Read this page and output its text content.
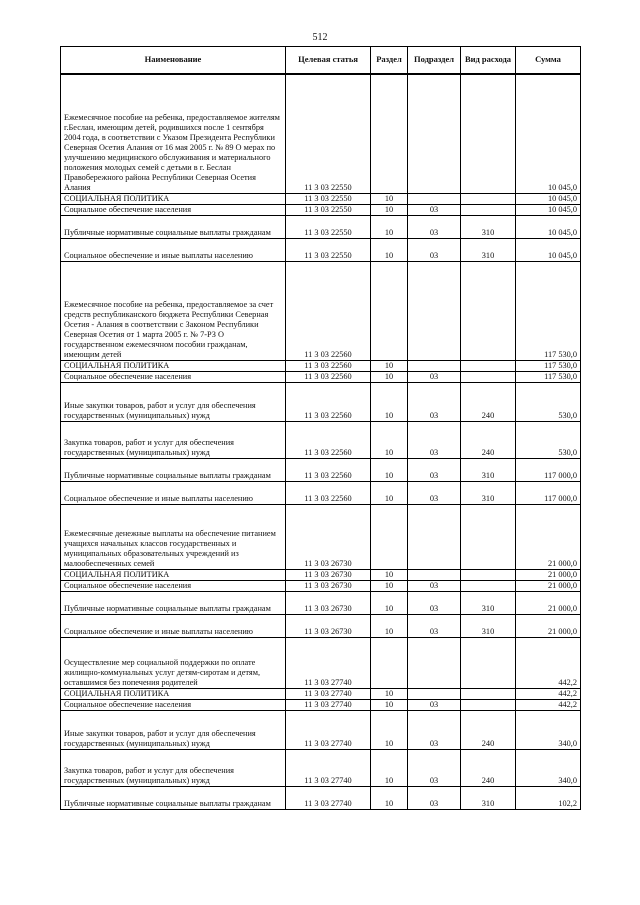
512
Наименование	Целевая статья	Раздел	Подраздел	Вид расхода	Сумма
Ежемесячное пособие на ребенка, предоставляемое жителям г.Беслан, имеющим детей, родившихся после 1 сентября 2004 года, в соответствии с Указом Президента Республики Северная Осетия Алания от 16 мая 2005 г. № 89 О мерах по улучшению медицинского обслуживания и материального положения молодых семей с детьми в г. Беслан Правобережного района Республики Северная Осетия Алания	11 3 03 22550				10 045,0
СОЦИАЛЬНАЯ ПОЛИТИКА	11 3 03 22550	10			10 045,0
Социальное обеспечение населения	11 3 03 22550	10	03		10 045,0
Публичные нормативные социальные выплаты гражданам	11 3 03 22550	10	03	310	10 045,0
Социальное обеспечение и иные выплаты населению	11 3 03 22550	10	03	310	10 045,0
Ежемесячное пособие на ребенка, предоставляемое за счет средств республиканского бюджета Республики Северная Осетия - Алания в соответствии с Законом Республики Северная Осетия от 1 марта 2005 г. № 7-РЗ О государственном ежемесячном пособии гражданам, имеющим детей	11 3 03 22560				117 530,0
СОЦИАЛЬНАЯ ПОЛИТИКА	11 3 03 22560	10			117 530,0
Социальное обеспечение населения	11 3 03 22560	10	03		117 530,0
Иные закупки товаров, работ и услуг для обеспечения государственных (муниципальных) нужд	11 3 03 22560	10	03	240	530,0
Закупка товаров, работ и услуг для обеспечения государственных (муниципальных) нужд	11 3 03 22560	10	03	240	530,0
Публичные нормативные социальные выплаты гражданам	11 3 03 22560	10	03	310	117 000,0
Социальное обеспечение и иные выплаты населению	11 3 03 22560	10	03	310	117 000,0
Ежемесячные денежные выплаты на обеспечение питанием учащихся начальных классов государственных и муниципальных образовательных учреждений из малообеспеченных семей	11 3 03 26730				21 000,0
СОЦИАЛЬНАЯ ПОЛИТИКА	11 3 03 26730	10			21 000,0
Социальное обеспечение населения	11 3 03 26730	10	03		21 000,0
Публичные нормативные социальные выплаты гражданам	11 3 03 26730	10	03	310	21 000,0
Социальное обеспечение и иные выплаты населению	11 3 03 26730	10	03	310	21 000,0
Осуществление мер социальной поддержки по оплате жилищно-коммунальных услуг детям-сиротам и детям, оставшимся без попечения родителей	11 3 03 27740				442,2
СОЦИАЛЬНАЯ ПОЛИТИКА	11 3 03 27740	10			442,2
Социальное обеспечение населения	11 3 03 27740	10	03		442,2
Иные закупки товаров, работ и услуг для обеспечения государственных (муниципальных) нужд	11 3 03 27740	10	03	240	340,0
Закупка товаров, работ и услуг для обеспечения государственных (муниципальных) нужд	11 3 03 27740	10	03	240	340,0
Публичные нормативные социальные выплаты гражданам	11 3 03 27740	10	03	310	102,2
